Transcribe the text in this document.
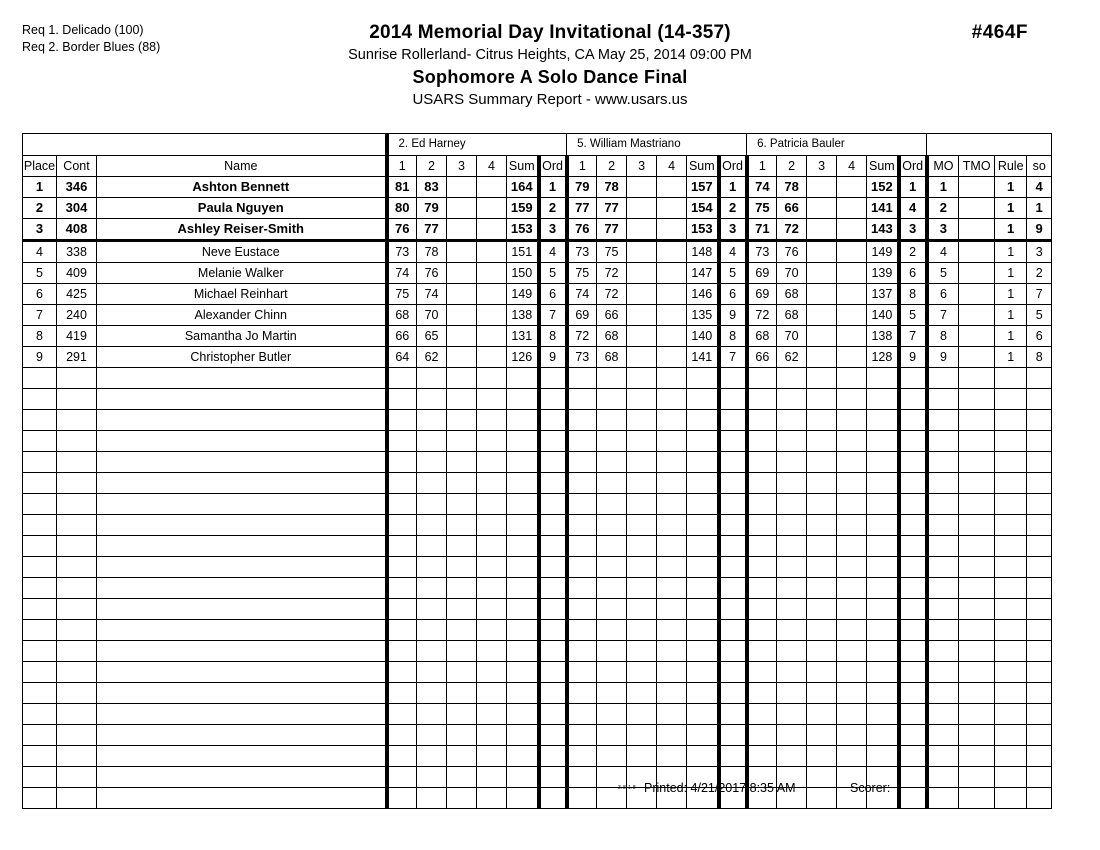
Req 1. Delicado (100)
Req 2. Border Blues (88)
2014 Memorial Day Invitational (14-357)
Sunrise Rollerland- Citrus Heights, CA May 25, 2014 09:00 PM
Sophomore A Solo Dance Final
USARS Summary Report - www.usars.us
#464F
			2. Ed Harney						5. William Mastriano						6. Patricia Bauler									
Place	Cont	Name	1	2	3	4	Sum	Ord	1	2	3	4	Sum	Ord	1	2	3	4	Sum	Ord	MO	TMO	Rule	so
1	346	Ashton Bennett	81	83			164	1	79	78			157	1	74	78			152	1	1		1	4
2	304	Paula Nguyen	80	79			159	2	77	77			154	2	75	66			141	4	2		1	1
3	408	Ashley Reiser-Smith	76	77			153	3	76	77			153	3	71	72			143	3	3		1	9
4	338	Neve Eustace	73	78			151	4	73	75			148	4	73	76			149	2	4		1	3
5	409	Melanie Walker	74	76			150	5	75	72			147	5	69	70			139	6	5		1	2
6	425	Michael Reinhart	75	74			149	6	74	72			146	6	69	68			137	8	6		1	7
7	240	Alexander Chinn	68	70			138	7	69	66			135	9	72	68			140	5	7		1	5
8	419	Samantha Jo Martin	66	65			131	8	72	68			140	8	68	70			138	7	8		1	6
9	291	Christopher Butler	64	62			126	9	73	68			141	7	66	62			128	9	9		1	8

3.8.1.8 Printed: 4/21/2017 8:35 AM	Scorer:
